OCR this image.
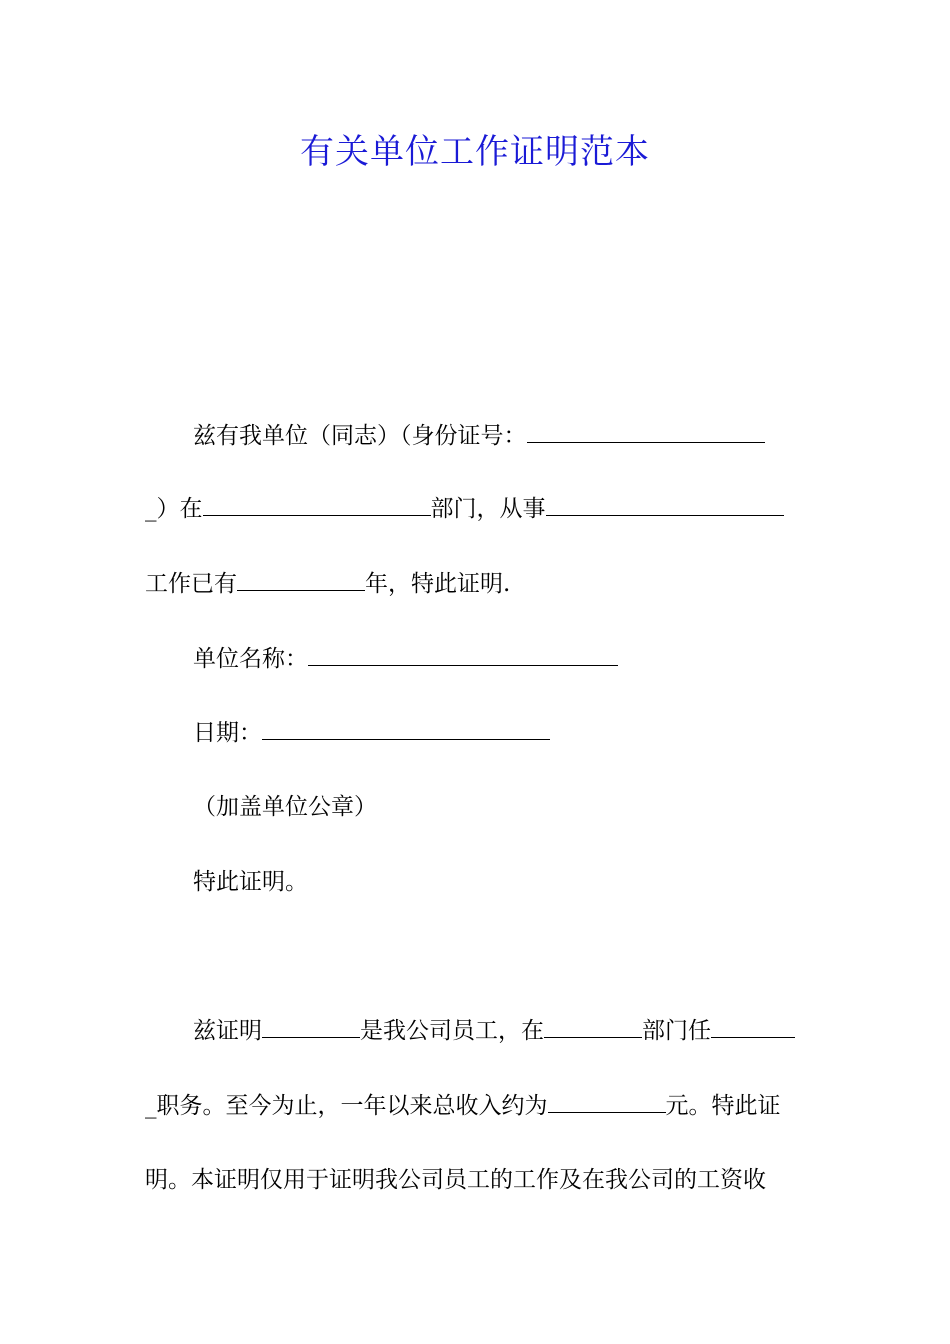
有关单位工作证明范本
兹有我单位（同志）（身份证号：
_）在	部门，从事
工作已有	年，特此证明.
单位名称：
日期：
（加盖单位公章）
特此证明。
兹证明	是我公司员工，在	部门任
_职务。至今为止，一年以来总收入约为	元。特此证
明。本证明仅用于证明我公司员工的工作及在我公司的工资收
